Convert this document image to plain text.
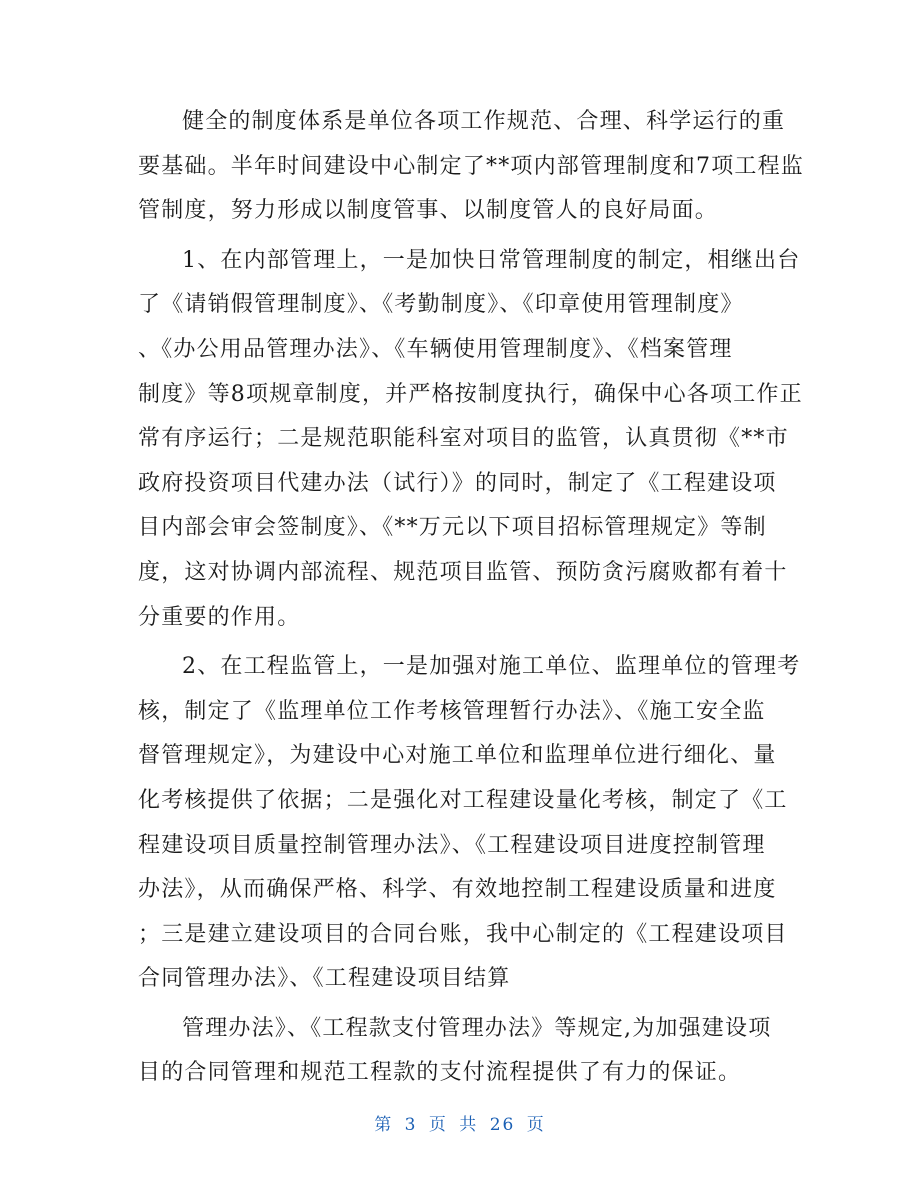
健全的制度体系是单位各项工作规范、合理、科学运行的重
要基础。半年时间建设中心制定了**项内部管理制度和7项工程监
管制度，努力形成以制度管事、以制度管人的良好局面。
1、在内部管理上，一是加快日常管理制度的制定，相继出台
了《请销假管理制度》、《考勤制度》、《印章使用管理制度》
、《办公用品管理办法》、《车辆使用管理制度》、《档案管理
制度》等8项规章制度，并严格按制度执行，确保中心各项工作正
常有序运行；二是规范职能科室对项目的监管，认真贯彻《**市
政府投资项目代建办法（试行）》的同时，制定了《工程建设项
目内部会审会签制度》、《**万元以下项目招标管理规定》等制
度，这对协调内部流程、规范项目监管、预防贪污腐败都有着十
分重要的作用。
2、在工程监管上，一是加强对施工单位、监理单位的管理考
核，制定了《监理单位工作考核管理暂行办法》、《施工安全监
督管理规定》，为建设中心对施工单位和监理单位进行细化、量
化考核提供了依据；二是强化对工程建设量化考核，制定了《工
程建设项目质量控制管理办法》、《工程建设项目进度控制管理
办法》，从而确保严格、科学、有效地控制工程建设质量和进度
；三是建立建设项目的合同台账，我中心制定的《工程建设项目
合同管理办法》、《工程建设项目结算
管理办法》、《工程款支付管理办法》等规定,为加强建设项
目的合同管理和规范工程款的支付流程提供了有力的保证。
第 3 页 共 26 页
